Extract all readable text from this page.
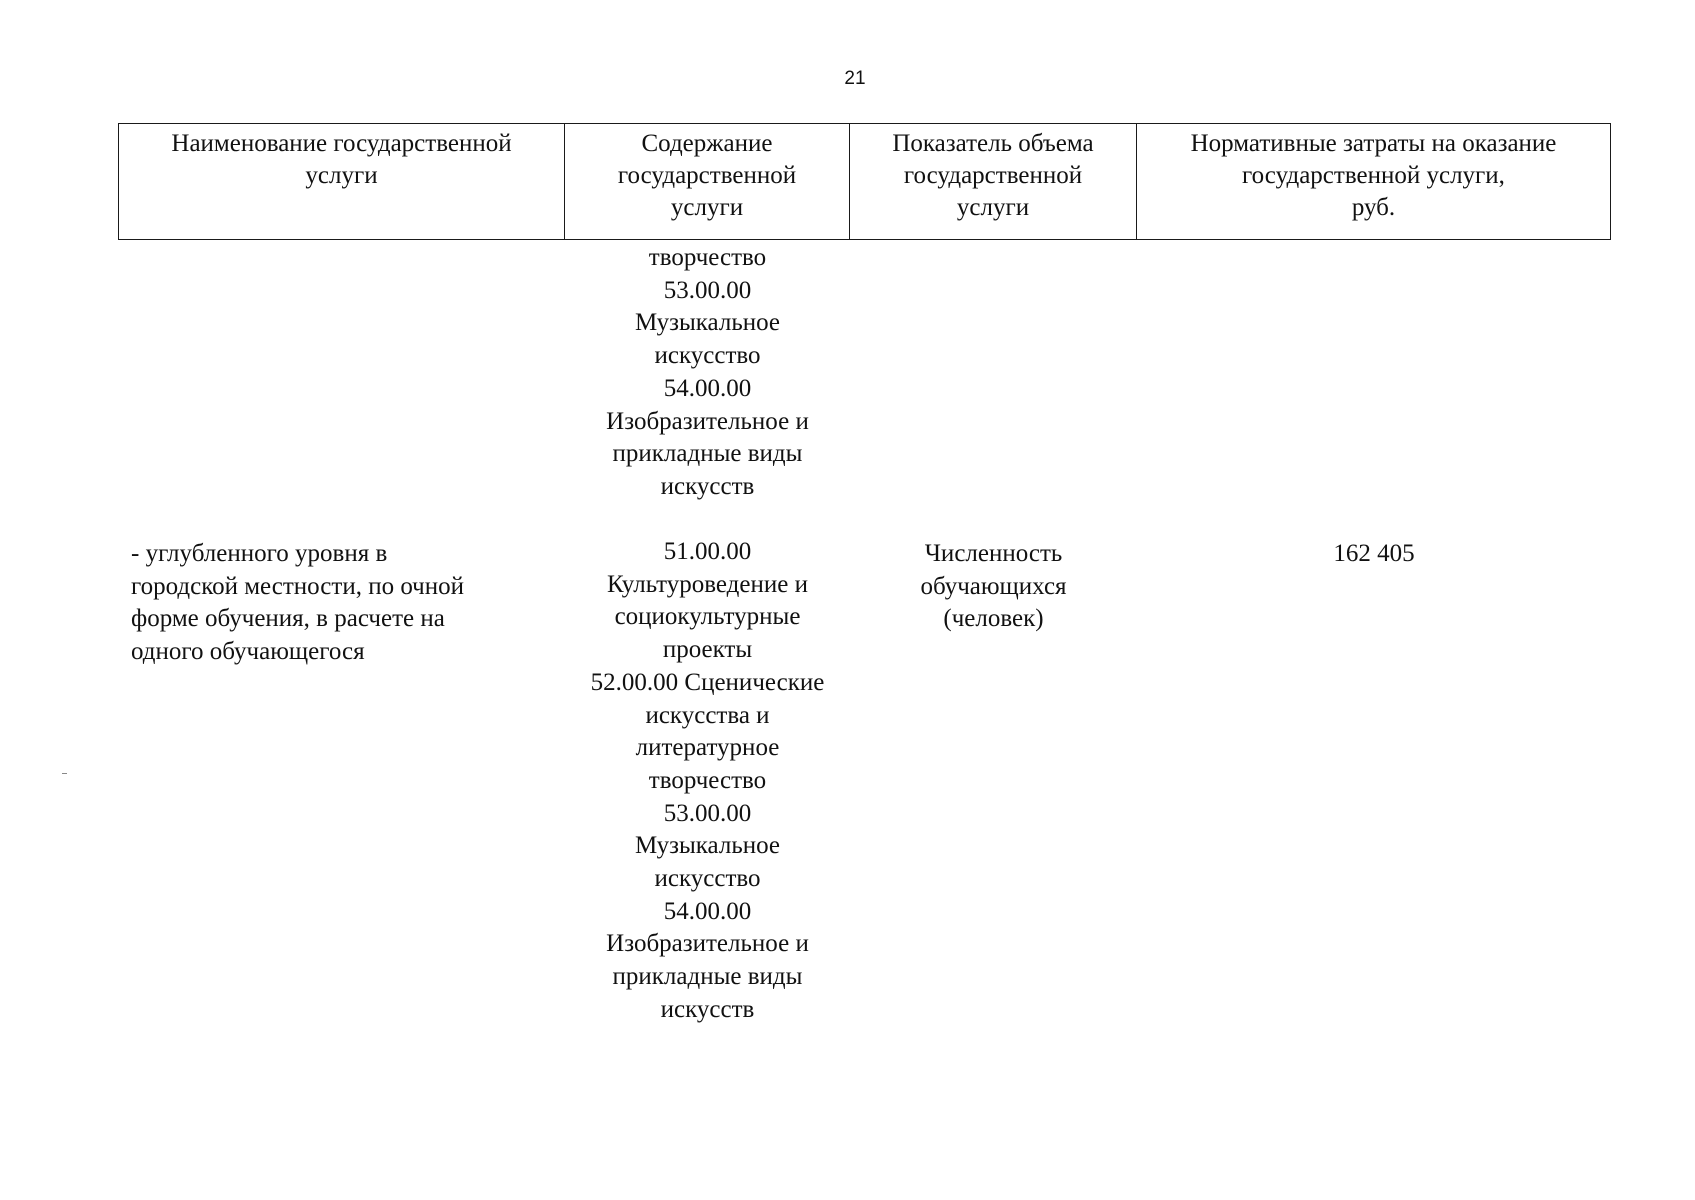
21
Наименование государственной
услуги
Содержание
государственной
услуги
Показатель объема
государственной
услуги
Нормативные затраты на оказание
государственной услуги,
руб.
творчество
53.00.00
Музыкальное
искусство
54.00.00
Изобразительное и
прикладные виды
искусств
- углубленного уровня в
городской местности, по очной
форме обучения, в расчете на
одного обучающегося
51.00.00
Культуроведение и
социокультурные
проекты
52.00.00 Сценические
искусства и
литературное
творчество
53.00.00
Музыкальное
искусство
54.00.00
Изобразительное и
прикладные виды
искусств
Численность
обучающихся
(человек)
162 405
